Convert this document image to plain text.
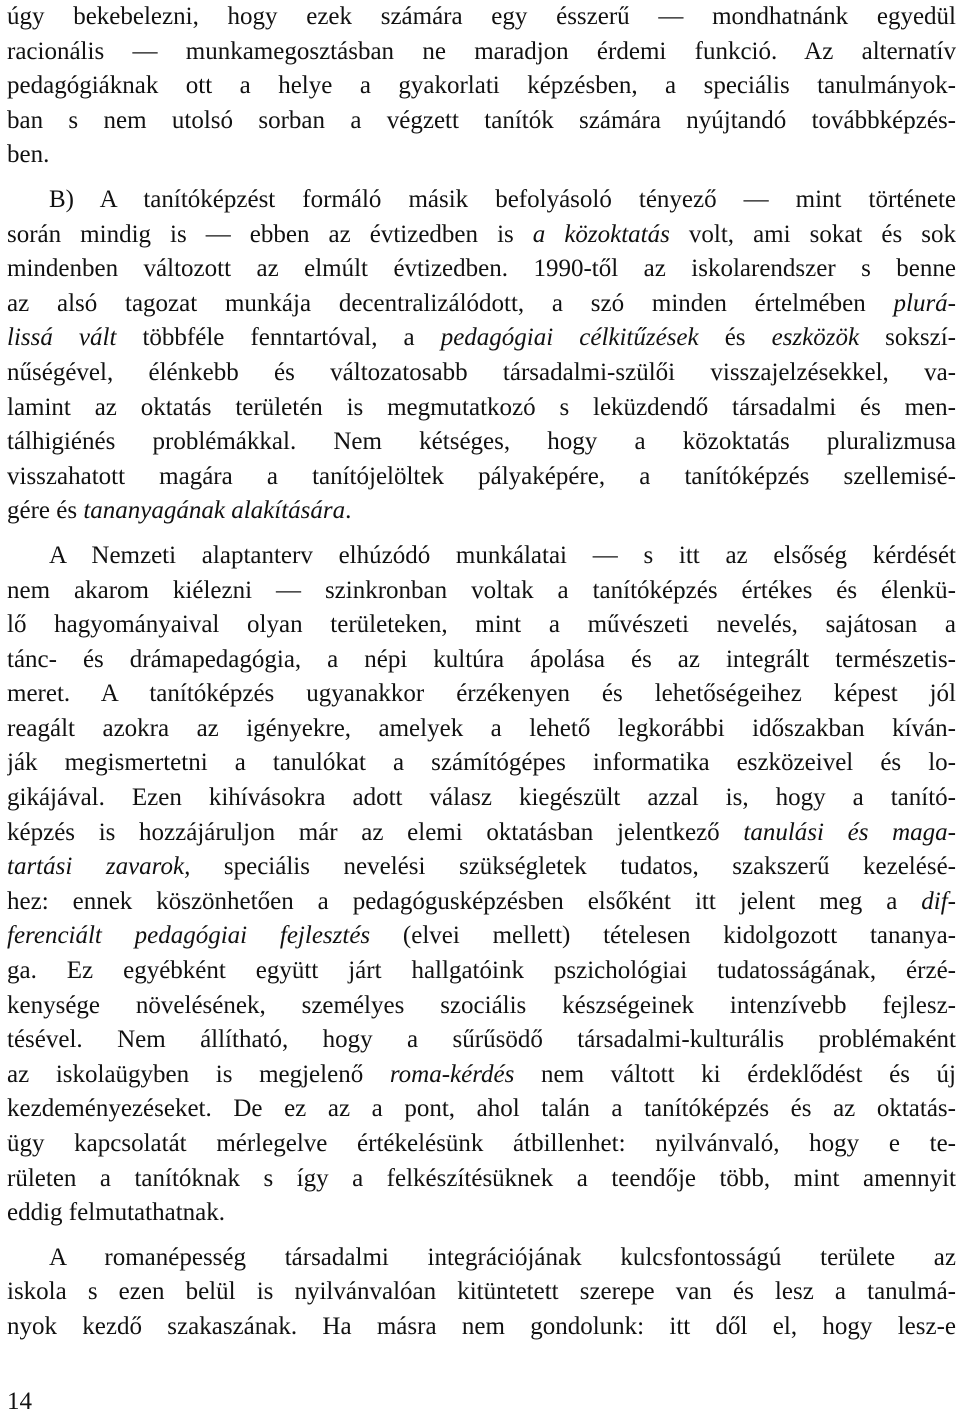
úgy bekebelezni, hogy ezek számára egy ésszerű — mondhatnánk egyedül
racionális — munkamegosztásban ne maradjon érdemi funkció. Az alternatív
pedagógiáknak ott a helye a gyakorlati képzésben, a speciális tanulmányok-
ban s nem utolsó sorban a végzett tanítók számára nyújtandó továbbképzés-
ben.
B) A tanítóképzést formáló másik befolyásoló tényező — mint története
során mindig is — ebben az évtizedben is a közoktatás volt, ami sokat és sok
mindenben változott az elmúlt évtizedben. 1990-től az iskolarendszer s benne
az alsó tagozat munkája decentralizálódott, a szó minden értelmében plurá-
lissá vált többféle fenntartóval, a pedagógiai célkitűzések és eszközök sokszí-
nűségével, élénkebb és változatosabb társadalmi-szülői visszajelzésekkel, va-
lamint az oktatás területén is megmutatkozó s leküzdendő társadalmi és men-
tálhigiénés problémákkal. Nem kétséges, hogy a közoktatás pluralizmusa
visszahatott magára a tanítójelöltek pályaképére, a tanítóképzés szellemisé-
gére és tananyagának alakítására.
A Nemzeti alaptanterv elhúzódó munkálatai — s itt az elsőség kérdését
nem akarom kiélezni — szinkronban voltak a tanítóképzés értékes és élenkü-
lő hagyományaival olyan területeken, mint a művészeti nevelés, sajátosan a
tánc- és drámapedagógia, a népi kultúra ápolása és az integrált természetis-
meret. A tanítóképzés ugyanakkor érzékenyen és lehetőségeihez képest jól
reagált azokra az igényekre, amelyek a lehető legkorábbi időszakban kíván-
ják megismertetni a tanulókat a számítógépes informatika eszközeivel és lo-
gikájával. Ezen kihívásokra adott válasz kiegészült azzal is, hogy a tanító-
képzés is hozzájáruljon már az elemi oktatásban jelentkező tanulási és maga-
tartási zavarok, speciális nevelési szükségletek tudatos, szakszerű kezelésé-
hez: ennek köszönhetően a pedagógusképzésben elsőként itt jelent meg a dif-
ferenciált pedagógiai fejlesztés (elvei mellett) tételesen kidolgozott tananya-
ga. Ez egyébként együtt járt hallgatóink pszichológiai tudatosságának, érzé-
kenysége növelésének, személyes szociális készségeinek intenzívebb fejlesz-
tésével. Nem állítható, hogy a sűrűsödő társadalmi-kulturális problémaként
az iskolaügyben is megjelenő roma-kérdés nem váltott ki érdeklődést és új
kezdeményezéseket. De ez az a pont, ahol talán a tanítóképzés és az oktatás-
ügy kapcsolatát mérlegelve értékelésünk átbillenhet: nyilvánvaló, hogy e te-
rületen a tanítóknak s így a felkészítésüknek a teendője több, mint amennyit
eddig felmutathatnak.
A romanépesség társadalmi integrációjának kulcsfontosságú területe az
iskola s ezen belül is nyilvánvalóan kitüntetett szerepe van és lesz a tanulmá-
nyok kezdő szakaszának. Ha másra nem gondolunk: itt dől el, hogy lesz-e
14
